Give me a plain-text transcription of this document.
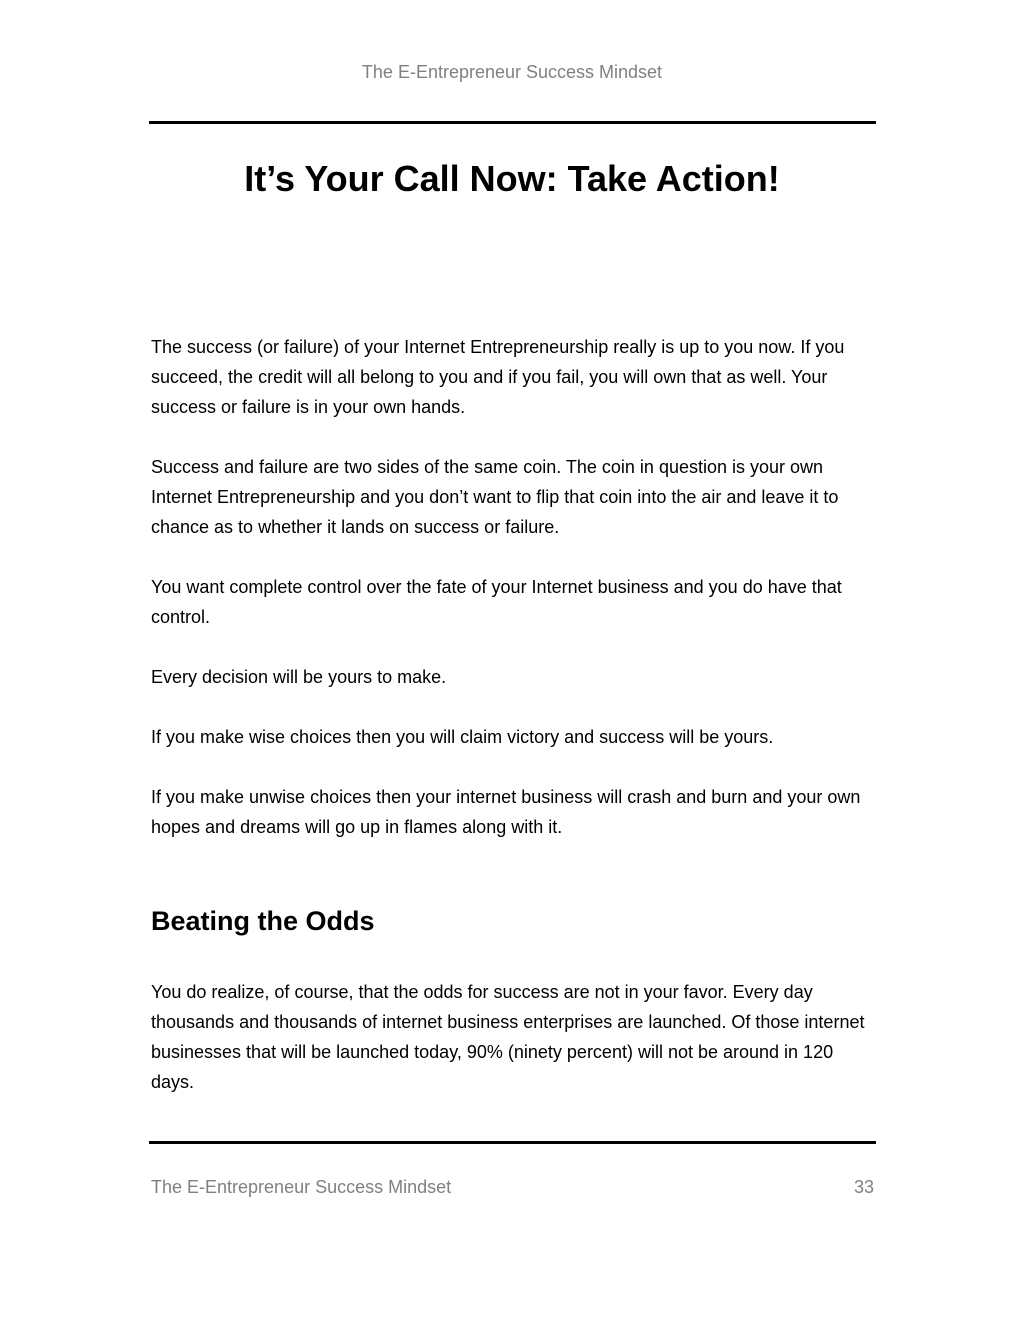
The E-Entrepreneur Success Mindset
It’s Your Call Now: Take Action!

The success (or failure) of your Internet Entrepreneurship really is up to you now. If you succeed, the credit will all belong to you and if you fail, you will own that as well. Your success or failure is in your own hands.

Success and failure are two sides of the same coin. The coin in question is your own Internet Entrepreneurship and you don’t want to flip that coin into the air and leave it to chance as to whether it lands on success or failure.

You want complete control over the fate of your Internet business and you do have that control.

Every decision will be yours to make.

If you make wise choices then you will claim victory and success will be yours.

If you make unwise choices then your internet business will crash and burn and your own hopes and dreams will go up in flames along with it.

Beating the Odds

You do realize, of course, that the odds for success are not in your favor. Every day thousands and thousands of internet business enterprises are launched. Of those internet businesses that will be launched today, 90% (ninety percent) will not be around in 120 days.

The E-Entrepreneur Success Mindset	33
